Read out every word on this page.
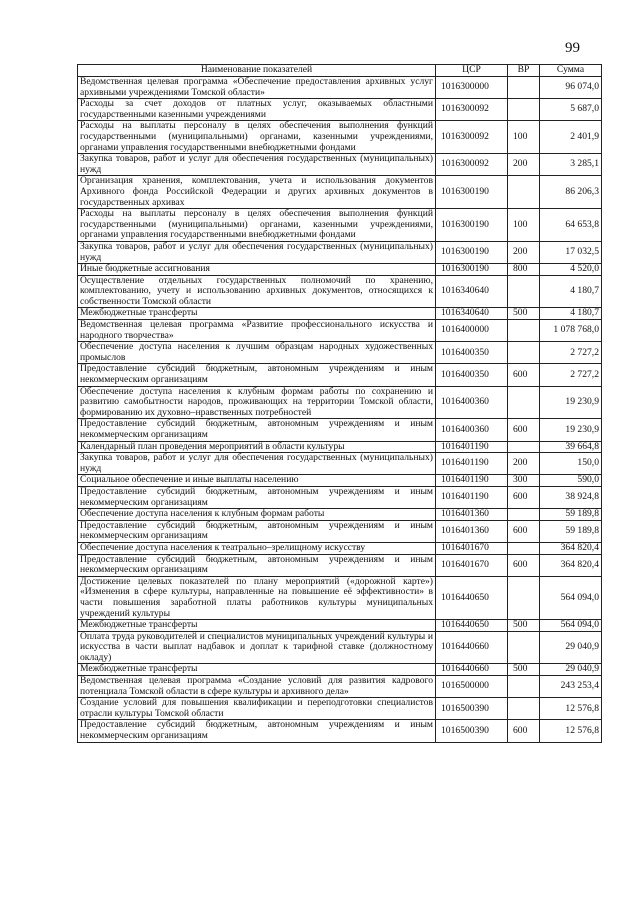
99
Наименование показателей	ЦСР	ВР	Сумма
Ведомственная целевая программа «Обеспечение предоставления архивных услуг архивными учреждениями Томской области»	1016300000		96 074,0
Расходы за счет доходов от платных услуг, оказываемых областными государственными казенными учреждениями	1016300092		5 687,0
Расходы на выплаты персоналу в целях обеспечения выполнения функций государственными (муниципальными) органами, казенными учреждениями, органами управления государственными внебюджетными фондами	1016300092	100	2 401,9
Закупка товаров, работ и услуг для обеспечения государственных (муниципальных) нужд	1016300092	200	3 285,1
Организация хранения, комплектования, учета и использования документов Архивного фонда Российской Федерации и других архивных документов в государственных архивах	1016300190		86 206,3
Расходы на выплаты персоналу в целях обеспечения выполнения функций государственными (муниципальными) органами, казенными учреждениями, органами управления государственными внебюджетными фондами	1016300190	100	64 653,8
Закупка товаров, работ и услуг для обеспечения государственных (муниципальных) нужд	1016300190	200	17 032,5
Иные бюджетные ассигнования	1016300190	800	4 520,0
Осуществление отдельных государственных полномочий по хранению, комплектованию, учету и использованию архивных документов, относящихся к собственности Томской области	1016340640		4 180,7
Межбюджетные трансферты	1016340640	500	4 180,7
Ведомственная целевая программа «Развитие профессионального искусства и народного творчества»	1016400000		1 078 768,0
Обеспечение доступа населения к лучшим образцам народных художественных промыслов	1016400350		2 727,2
Предоставление субсидий бюджетным, автономным учреждениям и иным некоммерческим организациям	1016400350	600	2 727,2
Обеспечение доступа населения к клубным формам работы по сохранению и развитию самобытности народов, проживающих на территории Томской области, формированию их духовно–нравственных потребностей	1016400360		19 230,9
Предоставление субсидий бюджетным, автономным учреждениям и иным некоммерческим организациям	1016400360	600	19 230,9
Календарный план проведения мероприятий в области культуры	1016401190		39 664,8
Закупка товаров, работ и услуг для обеспечения государственных (муниципальных) нужд	1016401190	200	150,0
Социальное обеспечение и иные выплаты населению	1016401190	300	590,0
Предоставление субсидий бюджетным, автономным учреждениям и иным некоммерческим организациям	1016401190	600	38 924,8
Обеспечение доступа населения к клубным формам работы	1016401360		59 189,8
Предоставление субсидий бюджетным, автономным учреждениям и иным некоммерческим организациям	1016401360	600	59 189,8
Обеспечение доступа населения к театрально–зрелищному искусству	1016401670		364 820,4
Предоставление субсидий бюджетным, автономным учреждениям и иным некоммерческим организациям	1016401670	600	364 820,4
Достижение целевых показателей по плану мероприятий («дорожной карте») «Изменения в сфере культуры, направленные на повышение её эффективности» в части повышения заработной платы работников культуры муниципальных учреждений культуры	1016440650		564 094,0
Межбюджетные трансферты	1016440650	500	564 094,0
Оплата труда руководителей и специалистов муниципальных учреждений культуры и искусства в части выплат надбавок и доплат к тарифной ставке (должностному окладу)	1016440660		29 040,9
Межбюджетные трансферты	1016440660	500	29 040,9
Ведомственная целевая программа «Создание условий для развития кадрового потенциала Томской области в сфере культуры и архивного дела»	1016500000		243 253,4
Создание условий для повышения квалификации и переподготовки специалистов отрасли культуры Томской области	1016500390		12 576,8
Предоставление субсидий бюджетным, автономным учреждениям и иным некоммерческим организациям	1016500390	600	12 576,8
